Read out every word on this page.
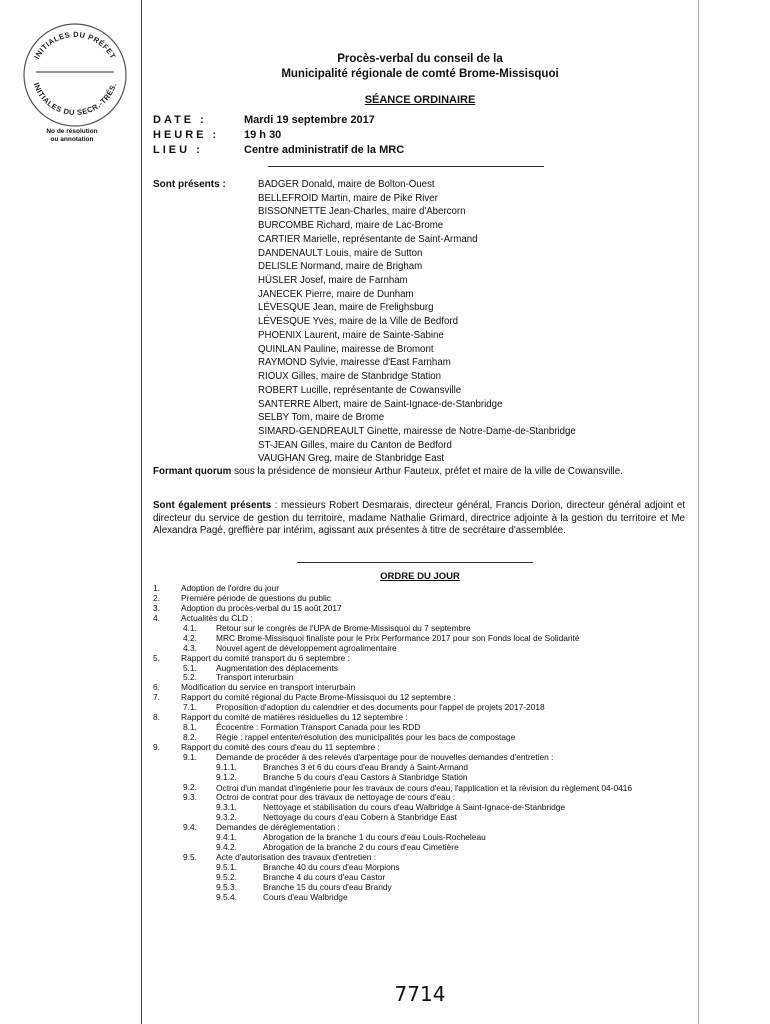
INITIALES DU PRÉFET
INITIALES DU SECR.-TRÉS.
No de résolution
ou annotation
Procès-verbal du conseil de la
Municipalité régionale de comté Brome-Missisquoi
SÉANCE ORDINAIRE
DATE :	Mardi 19 septembre 2017
HEURE :	19 h 30
LIEU :	Centre administratif de la MRC
Sont présents :	BADGER Donald, maire de Bolton-Ouest
BELLEFROID Martin, maire de Pike River
BISSONNETTE Jean-Charles, maire d'Abercorn
BURCOMBE Richard, maire de Lac-Brome
CARTIER Marielle, représentante de Saint-Armand
DANDENAULT Louis, maire de Sutton
DELISLE Normand, maire de Brigham
HÜSLER Josef, maire de Farnham
JANECEK Pierre, maire de Dunham
LÉVESQUE Jean, maire de Frelighsburg
LÉVESQUE Yves, maire de la Ville de Bedford
PHOENIX Laurent, maire de Sainte-Sabine
QUINLAN Pauline, mairesse de Bromont
RAYMOND Sylvie, mairesse d'East Farnham
RIOUX Gilles, maire de Stanbridge Station
ROBERT Lucille, représentante de Cowansville
SANTERRE Albert, maire de Saint-Ignace-de-Stanbridge
SELBY Tom, maire de Brome
SIMARD-GENDREAULT Ginette, mairesse de Notre-Dame-de-Stanbridge
ST-JEAN Gilles, maire du Canton de Bedford
VAUGHAN Greg, maire de Stanbridge East
Formant quorum sous la présidence de monsieur Arthur Fauteux, préfet et maire de la ville de Cowansville.
Sont également présents : messieurs Robert Desmarais, directeur général, Francis Dorion, directeur général adjoint et directeur du service de gestion du territoire, madame Nathalie Grimard, directrice adjointe à la gestion du territoire et Me Alexandra Pagé, greffière par intérim, agissant aux présentes à titre de secrétaire d'assemblée.
ORDRE DU JOUR
1.	Adoption de l'ordre du jour
2.	Première période de questions du public
3.	Adoption du procès-verbal du 15 août 2017
4.	Actualités du CLD :
4.1. Retour sur le congrès de l'UPA de Brome-Missisquoi du 7 septembre
4.2. MRC Brome-Missisquoi finaliste pour le Prix Performance 2017 pour son Fonds local de Solidarité
4.3. Nouvel agent de développement agroalimentaire
5.	Rapport du comité transport du 6 septembre :
5.1. Augmentation des déplacements
5.2. Transport interurbain
6.	Modification du service en transport interurbain
7.	Rapport du comité régional du Pacte Brome-Missisquoi du 12 septembre :
7.1. Proposition d'adoption du calendrier et des documents pour l'appel de projets 2017-2018
8.	Rapport du comité de matières résiduelles du 12 septembre :
8.1. Écocentre : Formation Transport Canada pour les RDD
8.2. Régie : rappel entente/résolution des municipalités pour les bacs de compostage
9.	Rapport du comité des cours d'eau du 11 septembre :
9.1. Demande de procéder à des relevés d'arpentage pour de nouvelles demandes d'entretien :
9.1.1.	Branches 3 et 6 du cours d'eau Brandy à Saint-Armand
9.1.2.	Branche 5 du cours d'eau Castors à Stanbridge Station
9.2. Octroi d'un mandat d'ingénierie pour les travaux de cours d'eau, l'application et la révision du règlement 04-0416
9.3. Octroi de contrat pour des travaux de nettoyage de cours d'eau :
9.3.1.	Nettoyage et stabilisation du cours d'eau Walbridge à Saint-Ignace-de-Stanbridge
9.3.2.	Nettoyage du cours d'eau Cobern à Stanbridge East
9.4. Demandes de déréglementation :
9.4.1.	Abrogation de la branche 1 du cours d'eau Louis-Rocheleau
9.4.2.	Abrogation de la branche 2 du cours d'eau Cimetière
9.5. Acte d'autorisation des travaux d'entretien :
9.5.1.	Branche 40 du cours d'eau Morpions
9.5.2.	Branche 4 du cours d'eau Castor
9.5.3.	Branche 15 du cours d'eau Brandy
9.5.4.	Cours d'eau Walbridge
7714
